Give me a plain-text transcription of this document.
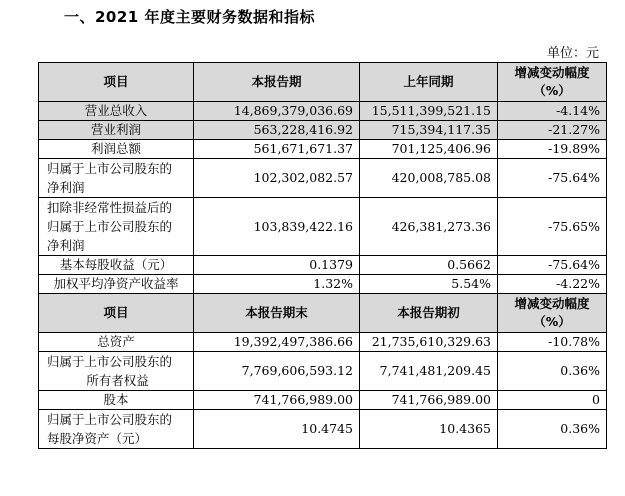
一、2021 年度主要财务数据和指标
单位：元
项目	本报告期	上年同期	增减变动幅度
（%）

营业总收入	14,869,379,036.69	15,511,399,521.15	-4.14%
营业利润	563,228,416.92	715,394,117.35	-21.27%
利润总额	561,671,671.37	701,125,406.96	-19.89%

归属于上市公司股东的
净利润	102,302,082.57	420,008,785.08	-75.64%

扣除非经常性损益后的
归属于上市公司股东的
净利润	103,839,422.16	426,381,273.36	-75.65%
基本每股收益（元）	0.1379	0.5662	-75.64%
加权平均净资产收益率	1.32%	5.54%	-4.22%
项目	本报告期末	本报告期初	增减变动幅度
（%）

总资产	19,392,497,386.66	21,735,610,329.63	-10.78%

归属于上市公司股东的
所有者权益	7,769,606,593.12	7,741,481,209.45	0.36%
股本	741,766,989.00	741,766,989.00	0

归属于上市公司股东的
每股净资产（元）	10.4745	10.4365	0.36%
